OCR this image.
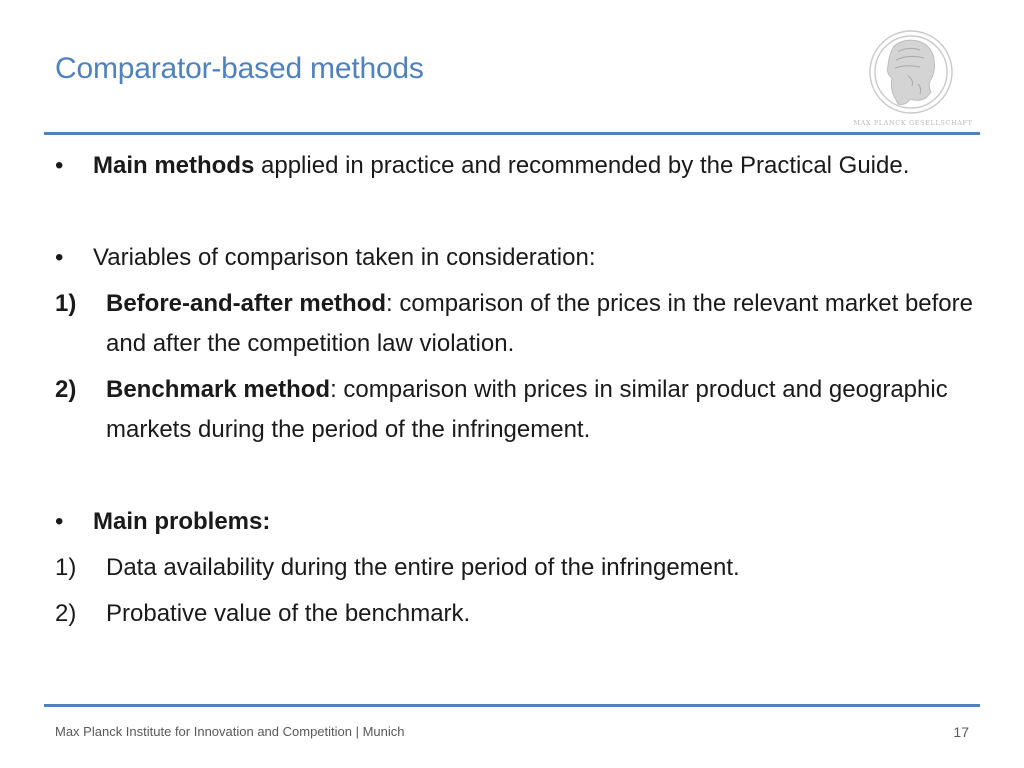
Comparator-based methods
MAX PLANCK GESELLSCHAFT
• Main methods applied in practice and recommended by the Practical Guide.
• Variables of comparison taken in consideration:
1) Before-and-after method: comparison of the prices in the relevant market before and after the competition law violation.
2) Benchmark method: comparison with prices in similar product and geographic markets during the period of the infringement.
• Main problems:
1) Data availability during the entire period of the infringement.
2) Probative value of the benchmark.
Max Planck Institute for Innovation and Competition | Munich	17
